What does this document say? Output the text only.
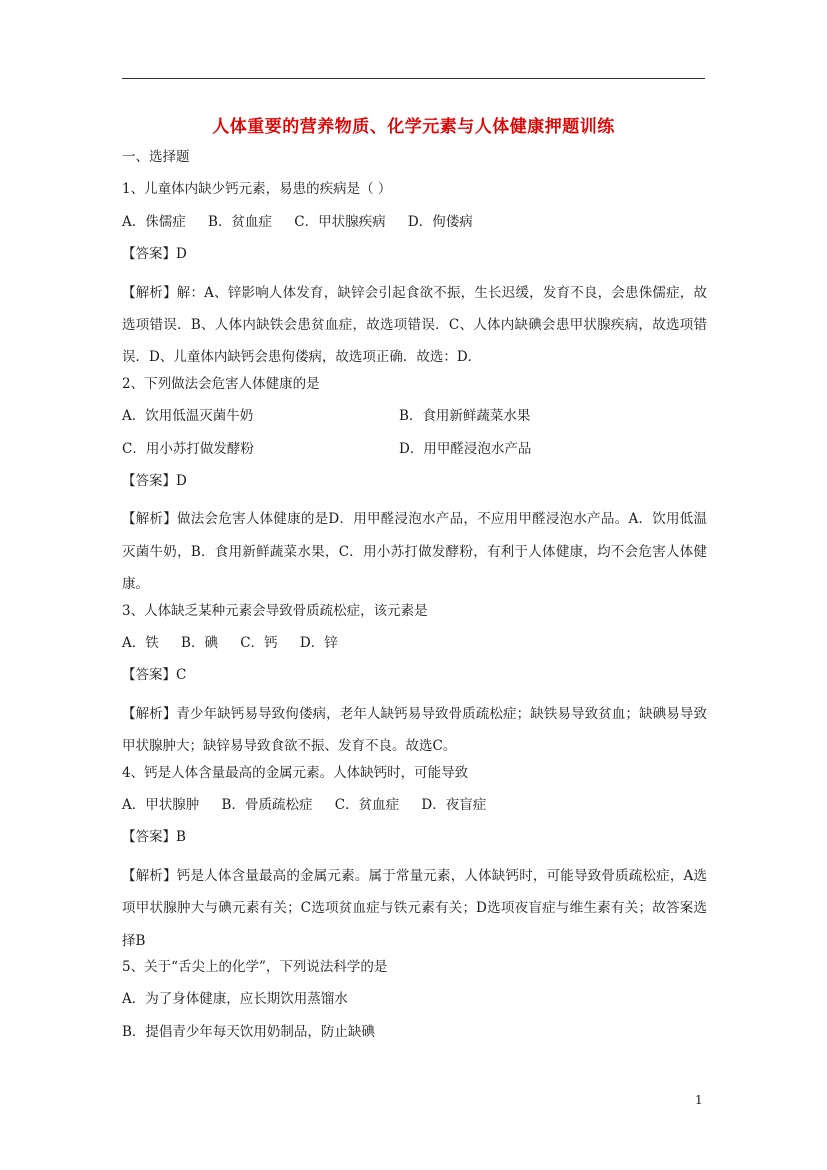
人体重要的营养物质、化学元素与人体健康押题训练
一、选择题
1、儿童体内缺少钙元素，易患的疾病是（ ）
A．侏儒症 B．贫血症 C．甲状腺疾病 D．佝偻病
【答案】D
【解析】解：A、锌影响人体发育，缺锌会引起食欲不振，生长迟缓，发育不良，会患侏儒症，故选项错误．B、人体内缺铁会患贫血症，故选项错误．C、人体内缺碘会患甲状腺疾病，故选项错误．D、儿童体内缺钙会患佝偻病，故选项正确．故选：D．
2、下列做法会危害人体健康的是
A．饮用低温灭菌牛奶	B．食用新鲜蔬菜水果
C．用小苏打做发酵粉	D．用甲醛浸泡水产品
【答案】D
【解析】做法会危害人体健康的是D．用甲醛浸泡水产品，不应用甲醛浸泡水产品。A．饮用低温灭菌牛奶，B．食用新鲜蔬菜水果，C．用小苏打做发酵粉，有利于人体健康，均不会危害人体健康。
3、人体缺乏某种元素会导致骨质疏松症，该元素是
A．铁 B．碘 C．钙 D．锌
【答案】C
【解析】青少年缺钙易导致佝偻病，老年人缺钙易导致骨质疏松症；缺铁易导致贫血；缺碘易导致甲状腺肿大；缺锌易导致食欲不振、发育不良。故选C。
4、钙是人体含量最高的金属元素。人体缺钙时，可能导致
A．甲状腺肿 B．骨质疏松症 C．贫血症 D．夜盲症
【答案】B
【解析】钙是人体含量最高的金属元素。属于常量元素，人体缺钙时，可能导致骨质疏松症，A选项甲状腺肿大与碘元素有关；C选项贫血症与铁元素有关；D选项夜盲症与维生素有关；故答案选择B
5、关于“舌尖上的化学”，下列说法科学的是
A．为了身体健康，应长期饮用蒸馏水
B．提倡青少年每天饮用奶制品，防止缺碘
1
